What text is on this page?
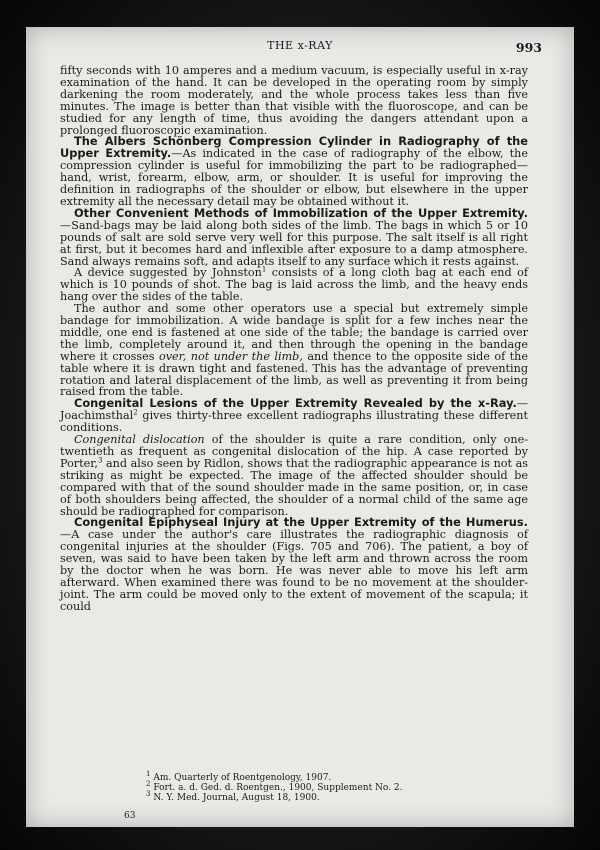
THE x-RAY	993

fifty seconds with 10 amperes and a medium vacuum, is especially useful in x-ray examination of the hand. It can be developed in the operating room by simply darkening the room moderately, and the whole process takes less than five minutes. The image is better than that visible with the fluoroscope, and can be studied for any length of time, thus avoiding the dangers attendant upon a prolonged fluoroscopic examination.

The Albers Schönberg Compression Cylinder in Radiography of the Upper Extremity.—As indicated in the case of radiography of the elbow, the compression cylinder is useful for immobilizing the part to be radiographed—hand, wrist, forearm, elbow, arm, or shoulder. It is useful for improving the definition in radiographs of the shoulder or elbow, but elsewhere in the upper extremity all the necessary detail may be obtained without it.

Other Convenient Methods of Immobilization of the Upper Extremity.—Sand-bags may be laid along both sides of the limb. The bags in which 5 or 10 pounds of salt are sold serve very well for this purpose. The salt itself is all right at first, but it becomes hard and inflexible after exposure to a damp atmosphere. Sand always remains soft, and adapts itself to any surface which it rests against.

A device suggested by Johnston$^1$ consists of a long cloth bag at each end of which is 10 pounds of shot. The bag is laid across the limb, and the heavy ends hang over the sides of the table.

The author and some other operators use a special but extremely simple bandage for immobilization. A wide bandage is split for a few inches near the middle, one end is fastened at one side of the table; the bandage is carried over the limb, completely around it, and then through the opening in the bandage where it crosses over, not under the limb, and thence to the opposite side of the table where it is drawn tight and fastened. This has the advantage of preventing rotation and lateral displacement of the limb, as well as preventing it from being raised from the table.

Congenital Lesions of the Upper Extremity Revealed by the x-Ray.—Joachimsthal$^2$ gives thirty-three excellent radiographs illustrating these different conditions.

Congenital dislocation of the shoulder is quite a rare condition, only one-twentieth as frequent as congenital dislocation of the hip. A case reported by Porter,$^3$ and also seen by Ridlon, shows that the radiographic appearance is not as striking as might be expected. The image of the affected shoulder should be compared with that of the sound shoulder made in the same position, or, in case of both shoulders being affected, the shoulder of a normal child of the same age should be radiographed for comparison.

Congenital Epiphyseal Injury at the Upper Extremity of the Humerus.—A case under the author's care illustrates the radiographic diagnosis of congenital injuries at the shoulder (Figs. 705 and 706). The patient, a boy of seven, was said to have been taken by the left arm and thrown across the room by the doctor when he was born. He was never able to move his left arm afterward. When examined there was found to be no movement at the shoulder-joint. The arm could be moved only to the extent of movement of the scapula; it could

$^1$ Am. Quarterly of Roentgenology, 1907.
$^2$ Fort. a. d. Ged. d. Roentgen., 1900, Supplement No. 2.
$^3$ N. Y. Med. Journal, August 18, 1900.
63
